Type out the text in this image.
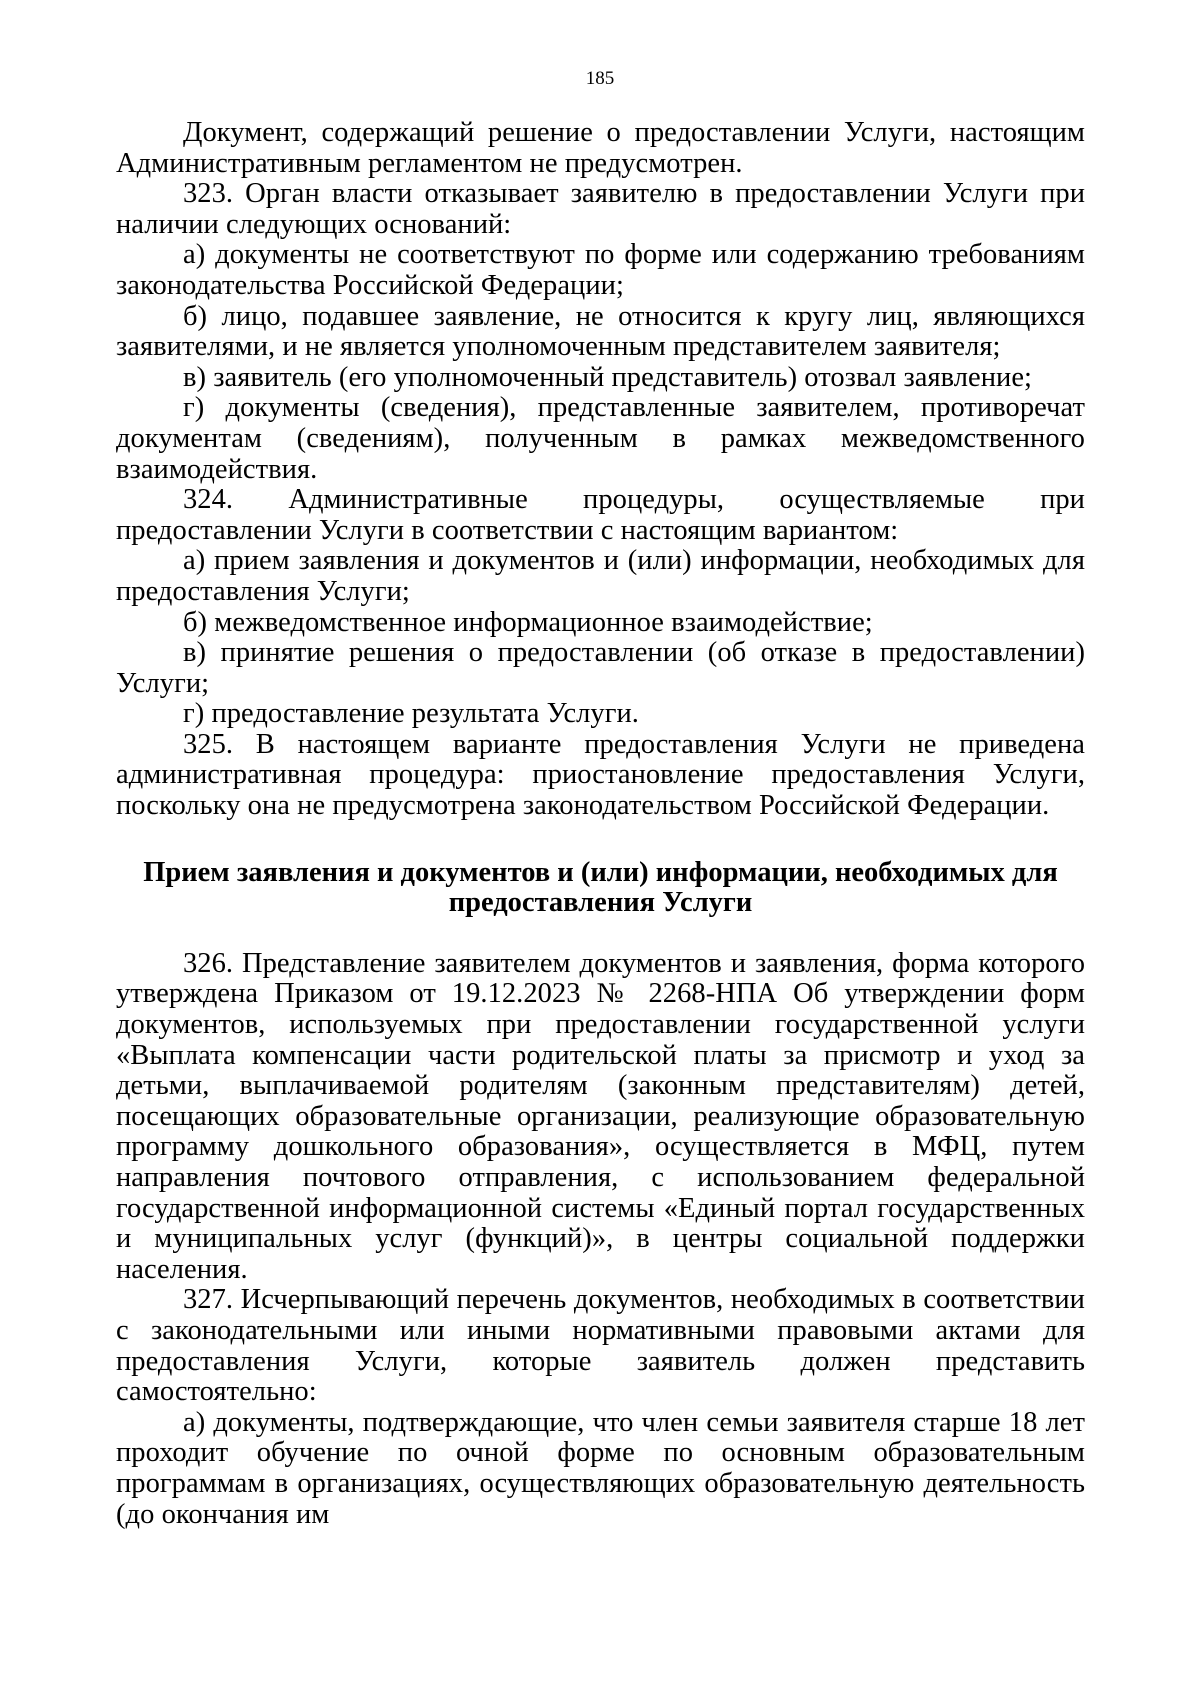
185

Документ, содержащий решение о предоставлении Услуги, настоящим Административным регламентом не предусмотрен.

323. Орган власти отказывает заявителю в предоставлении Услуги при наличии следующих оснований:

а) документы не соответствуют по форме или содержанию требованиям законодательства Российской Федерации;

б) лицо, подавшее заявление, не относится к кругу лиц, являющихся заявителями, и не является уполномоченным представителем заявителя;

в) заявитель (его уполномоченный представитель) отозвал заявление;

г) документы (сведения), представленные заявителем, противоречат документам (сведениям), полученным в рамках межведомственного взаимодействия.

324. Административные процедуры, осуществляемые при предоставлении Услуги в соответствии с настоящим вариантом:

а) прием заявления и документов и (или) информации, необходимых для предоставления Услуги;

б) межведомственное информационное взаимодействие;

в) принятие решения о предоставлении (об отказе в предоставлении) Услуги;

г) предоставление результата Услуги.

325. В настоящем варианте предоставления Услуги не приведена административная процедура: приостановление предоставления Услуги, поскольку она не предусмотрена законодательством Российской Федерации.

Прием заявления и документов и (или) информации, необходимых для
предоставления Услуги

326. Представление заявителем документов и заявления, форма которого утверждена Приказом от 19.12.2023 № 2268-НПА Об утверждении форм документов, используемых при предоставлении государственной услуги «Выплата компенсации части родительской платы за присмотр и уход за детьми, выплачиваемой родителям (законным представителям) детей, посещающих образовательные организации, реализующие образовательную программу дошкольного образования», осуществляется в МФЦ, путем направления почтового отправления, с использованием федеральной государственной информационной системы «Единый портал государственных и муниципальных услуг (функций)», в центры социальной поддержки населения.

327. Исчерпывающий перечень документов, необходимых в соответствии с законодательными или иными нормативными правовыми актами для предоставления Услуги, которые заявитель должен представить самостоятельно:

а) документы, подтверждающие, что член семьи заявителя старше 18 лет проходит обучение по очной форме по основным образовательным программам в организациях, осуществляющих образовательную деятельность (до окончания им
